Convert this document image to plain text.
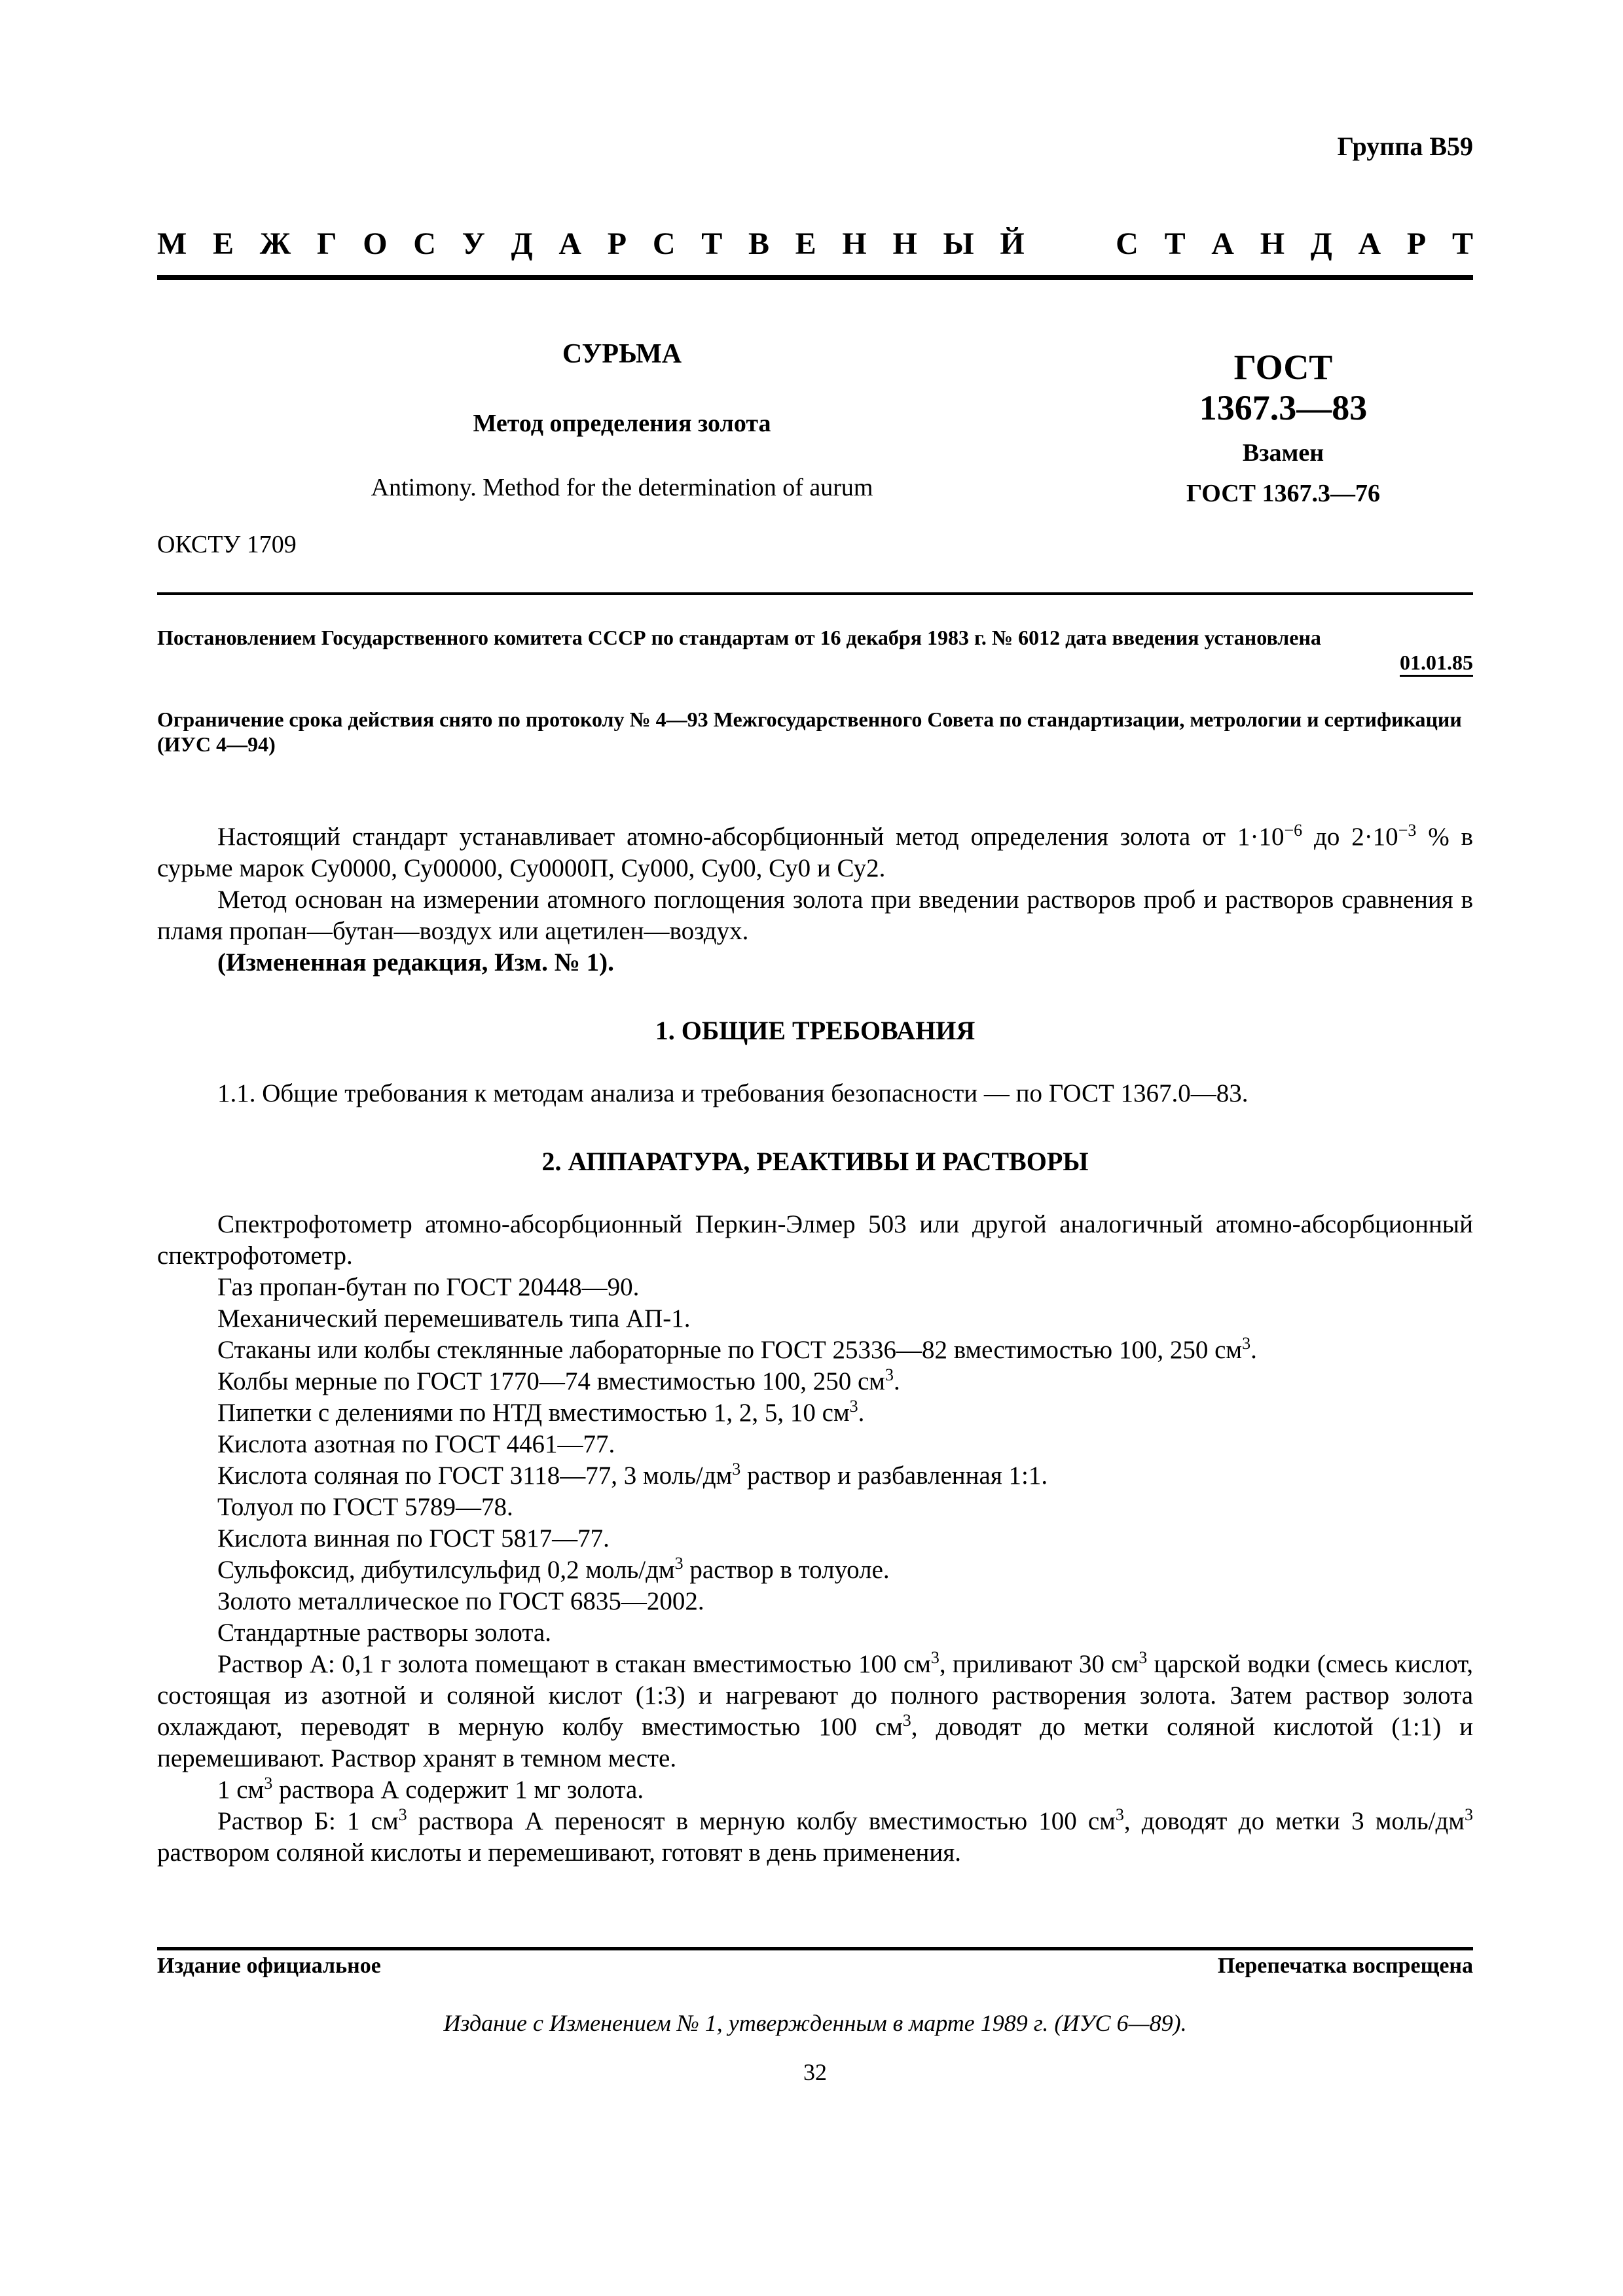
Группа В59
М Е Ж Г О С У Д А Р С Т В Е Н Н Ы Й	С Т А Н Д А Р Т
СУРЬМА
Метод определения золота
Antimony. Method for the determination of aurum
ГОСТ
1367.3—83
Взамен
ГОСТ 1367.3—76
ОКСТУ 1709
Постановлением Государственного комитета СССР по стандартам от 16 декабря 1983 г. № 6012 дата введения установлена
01.01.85
Ограничение срока действия снято по протоколу № 4—93 Межгосударственного Совета по стандартизации, метрологии и сертификации (ИУС 4—94)

Настоящий стандарт устанавливает атомно-абсорбционный метод определения золота от $1\cdot 10^{-6}$ до $2\cdot 10^{-3}$ % в сурьме марок Су0000, Су00000, Су0000П, Су000, Су00, Су0 и Су2.

Метод основан на измерении атомного поглощения золота при введении растворов проб и растворов сравнения в пламя пропан—бутан—воздух или ацетилен—воздух.

(Измененная редакция, Изм. № 1).

1. ОБЩИЕ ТРЕБОВАНИЯ

1.1. Общие требования к методам анализа и требования безопасности — по ГОСТ 1367.0—83.

2. АППАРАТУРА, РЕАКТИВЫ И РАСТВОРЫ

Спектрофотометр атомно-абсорбционный Перкин-Элмер 503 или другой аналогичный атомно-абсорбционный спектрофотометр.

Газ пропан-бутан по ГОСТ 20448—90.

Механический перемешиватель типа АП-1.

Стаканы или колбы стеклянные лабораторные по ГОСТ 25336—82 вместимостью 100, 250 $см^3$.

Колбы мерные по ГОСТ 1770—74 вместимостью 100, 250 $см^3$.

Пипетки с делениями по НТД вместимостью 1, 2, 5, 10 $см^3$.

Кислота азотная по ГОСТ 4461—77.

Кислота соляная по ГОСТ 3118—77, 3 моль/$дм^3$ раствор и разбавленная 1:1.

Толуол по ГОСТ 5789—78.

Кислота винная по ГОСТ 5817—77.

Сульфоксид, дибутилсульфид 0,2 моль/$дм^3$ раствор в толуоле.

Золото металлическое по ГОСТ 6835—2002.

Стандартные растворы золота.

Раствор А: 0,1 г золота помещают в стакан вместимостью 100 $см^3$, приливают 30 $см^3$ царской водки (смесь кислот, состоящая из азотной и соляной кислот (1:3) и нагревают до полного растворения золота. Затем раствор золота охлаждают, переводят в мерную колбу вместимостью 100 $см^3$, доводят до метки соляной кислотой (1:1) и перемешивают. Раствор хранят в темном месте.

1 $см^3$ раствора А содержит 1 мг золота.

Раствор Б: 1 $см^3$ раствора А переносят в мерную колбу вместимостью 100 $см^3$, доводят до метки 3 моль/$дм^3$ раствором соляной кислоты и перемешивают, готовят в день применения.

Издание официальное	Перепечатка воспрещена
Издание с Изменением № 1, утвержденным в марте 1989 г. (ИУС 6—89).
32
